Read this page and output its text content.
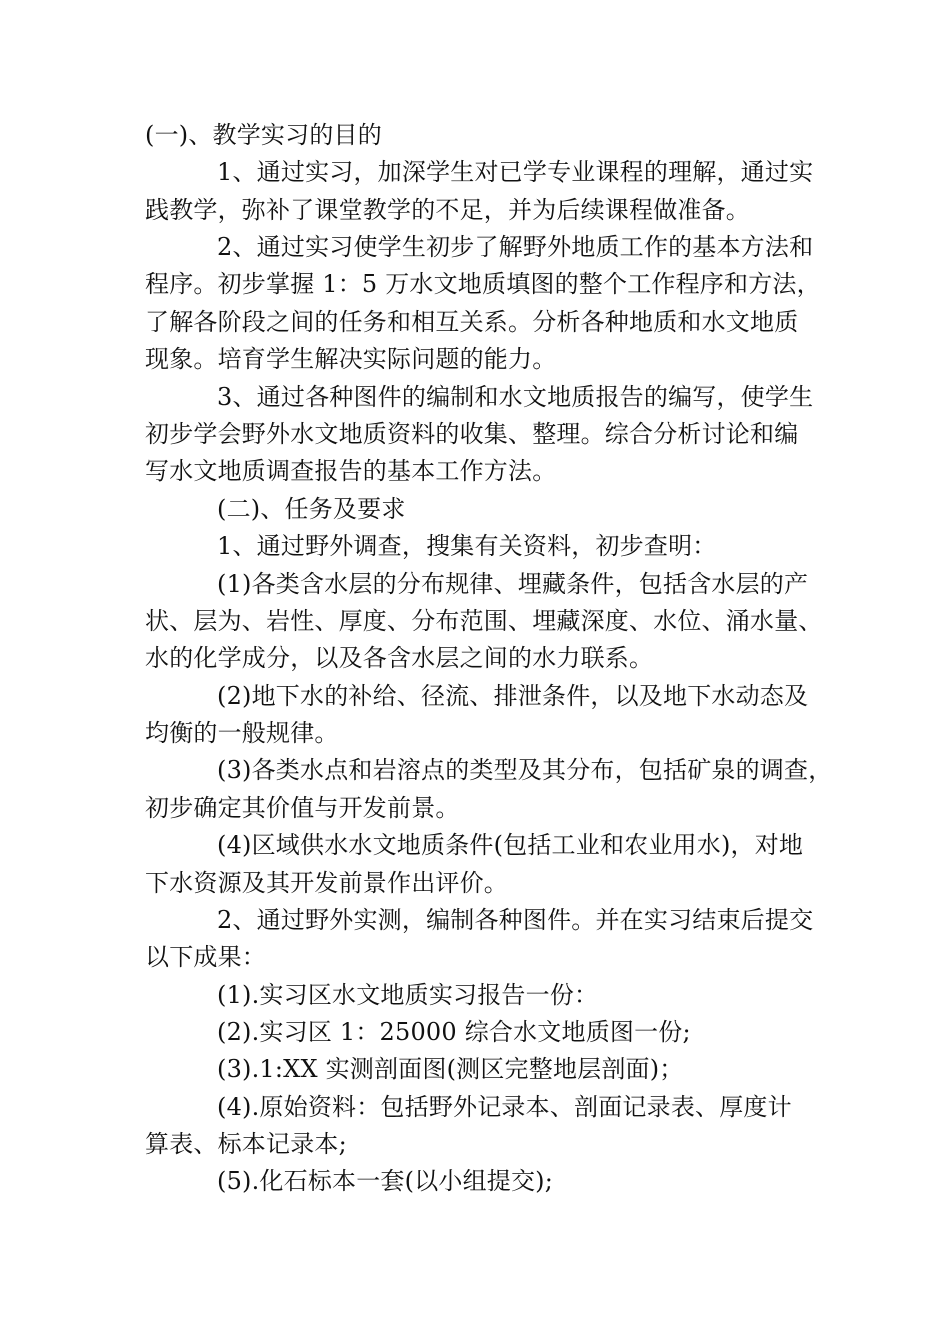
(一)、教学实习的目的
1、通过实习，加深学生对已学专业课程的理解，通过实
践教学，弥补了课堂教学的不足，并为后续课程做准备。
2、通过实习使学生初步了解野外地质工作的基本方法和
程序。初步掌握 1：5 万水文地质填图的整个工作程序和方法，
了解各阶段之间的任务和相互关系。分析各种地质和水文地质
现象。培育学生解决实际问题的能力。
3、通过各种图件的编制和水文地质报告的编写，使学生
初步学会野外水文地质资料的收集、整理。综合分析讨论和编
写水文地质调查报告的基本工作方法。
(二)、任务及要求
1、通过野外调查，搜集有关资料，初步查明：
(1)各类含水层的分布规律、埋藏条件，包括含水层的产
状、层为、岩性、厚度、分布范围、埋藏深度、水位、涌水量、
水的化学成分，以及各含水层之间的水力联系。
(2)地下水的补给、径流、排泄条件，以及地下水动态及
均衡的一般规律。
(3)各类水点和岩溶点的类型及其分布，包括矿泉的调查，
初步确定其价值与开发前景。
(4)区域供水水文地质条件(包括工业和农业用水)，对地
下水资源及其开发前景作出评价。
2、通过野外实测，编制各种图件。并在实习结束后提交
以下成果：
(1).实习区水文地质实习报告一份：
(2).实习区 1：25000 综合水文地质图一份;
(3).1:XX 实测剖面图(测区完整地层剖面)；
(4).原始资料：包括野外记录本、剖面记录表、厚度计
算表、标本记录本;
(5).化石标本一套(以小组提交);
